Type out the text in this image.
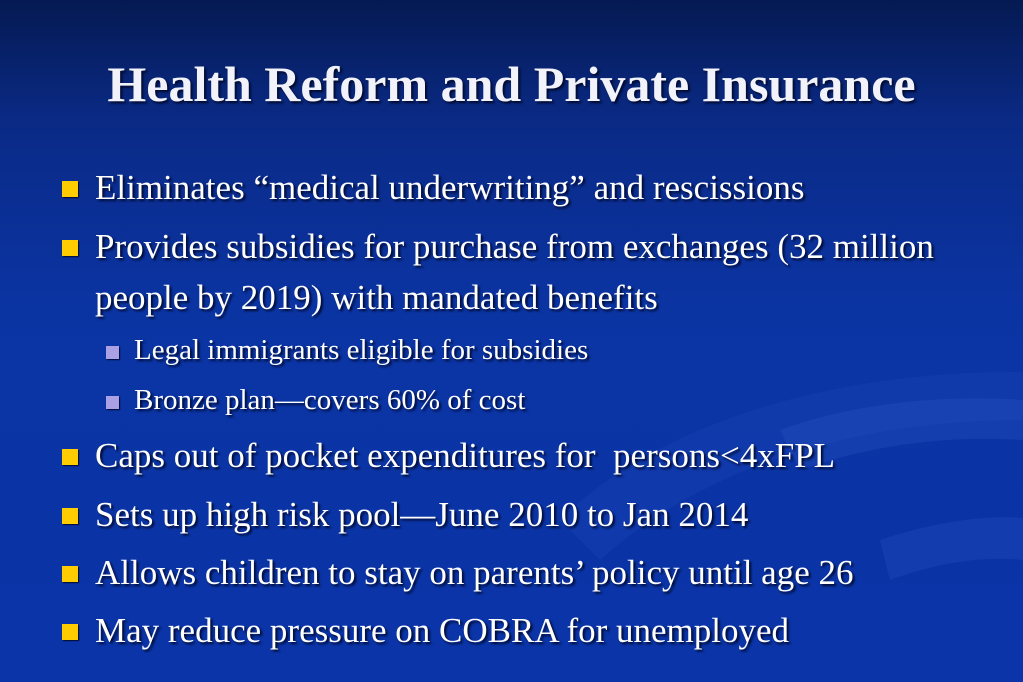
Health Reform and Private Insurance
Eliminates “medical underwriting” and rescissions
Provides subsidies for purchase from exchanges (32 million people by 2019) with mandated benefits
Legal immigrants eligible for subsidies
Bronze plan—covers 60% of cost
Caps out of pocket expenditures for  persons<4xFPL
Sets up high risk pool—June 2010 to Jan 2014
Allows children to stay on parents’ policy until age 26
May reduce pressure on COBRA for unemployed
